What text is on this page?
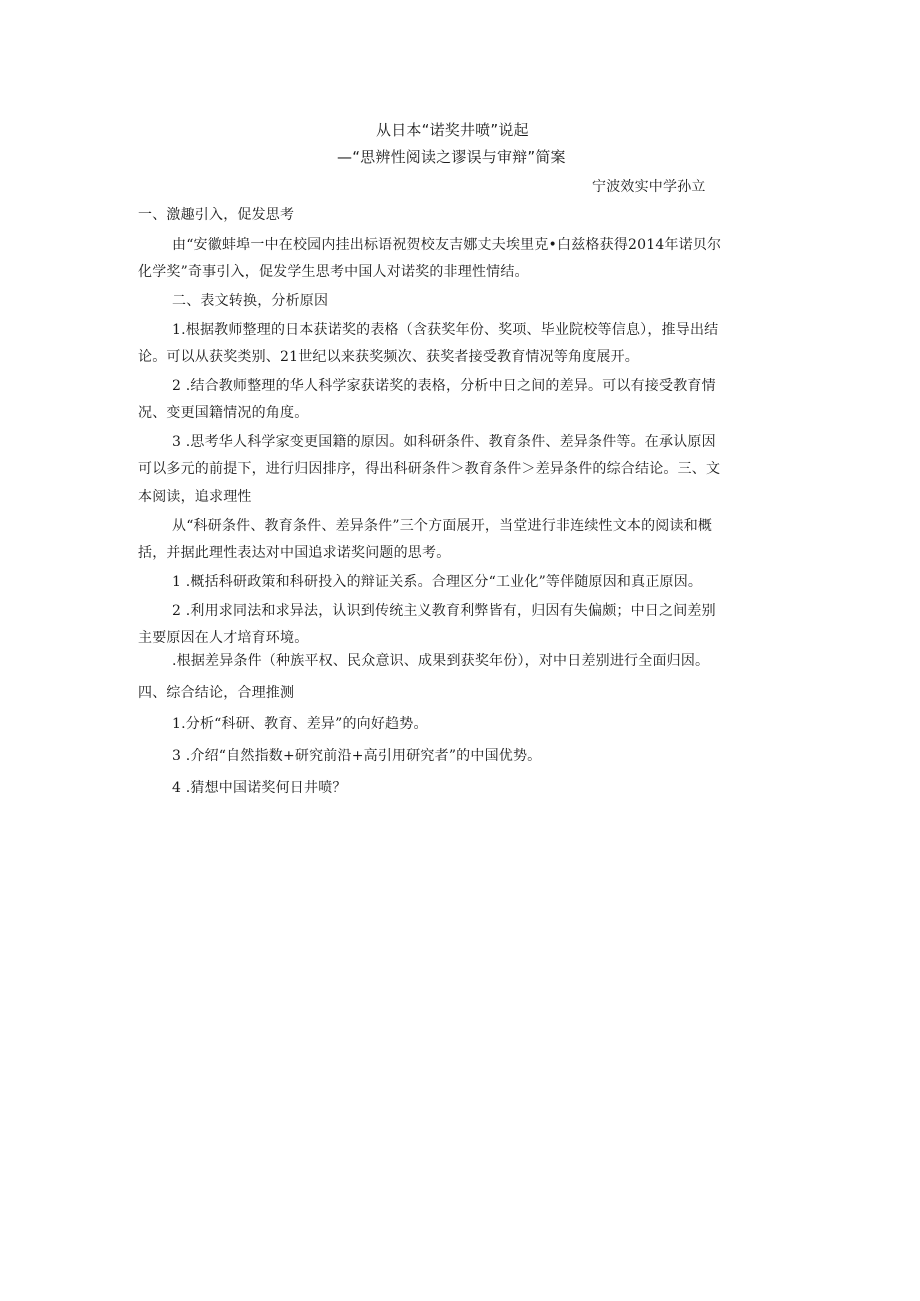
从日本“诺奖井喷”说起
—“思辨性阅读之谬误与审辩”简案
宁波效实中学孙立
一、激趣引入，促发思考
由“安徽蚌埠一中在校园内挂出标语祝贺校友吉娜丈夫埃里克•白兹格获得2014年诺贝尔
化学奖”奇事引入，促发学生思考中国人对诺奖的非理性情结。
二、表文转换，分析原因
1.根据教师整理的日本获诺奖的表格（含获奖年份、奖项、毕业院校等信息），推导出结
论。可以从获奖类别、21世纪以来获奖频次、获奖者接受教育情况等角度展开。
2 .结合教师整理的华人科学家获诺奖的表格，分析中日之间的差异。可以有接受教育情
况、变更国籍情况的角度。
3 .思考华人科学家变更国籍的原因。如科研条件、教育条件、差异条件等。在承认原因
可以多元的前提下，进行归因排序，得出科研条件＞教育条件＞差异条件的综合结论。三、文
本阅读，追求理性
从“科研条件、教育条件、差异条件”三个方面展开，当堂进行非连续性文本的阅读和概
括，并据此理性表达对中国追求诺奖问题的思考。
1 .概括科研政策和科研投入的辩证关系。合理区分“工业化”等伴随原因和真正原因。
2 .利用求同法和求异法，认识到传统主义教育利弊皆有，归因有失偏颇；中日之间差别
主要原因在人才培育环境。
.根据差异条件（种族平权、民众意识、成果到获奖年份），对中日差别进行全面归因。
四、综合结论，合理推测
1.分析“科研、教育、差异”的向好趋势。
3 .介绍“自然指数+研究前沿+高引用研究者”的中国优势。
4 .猜想中国诺奖何日井喷？
